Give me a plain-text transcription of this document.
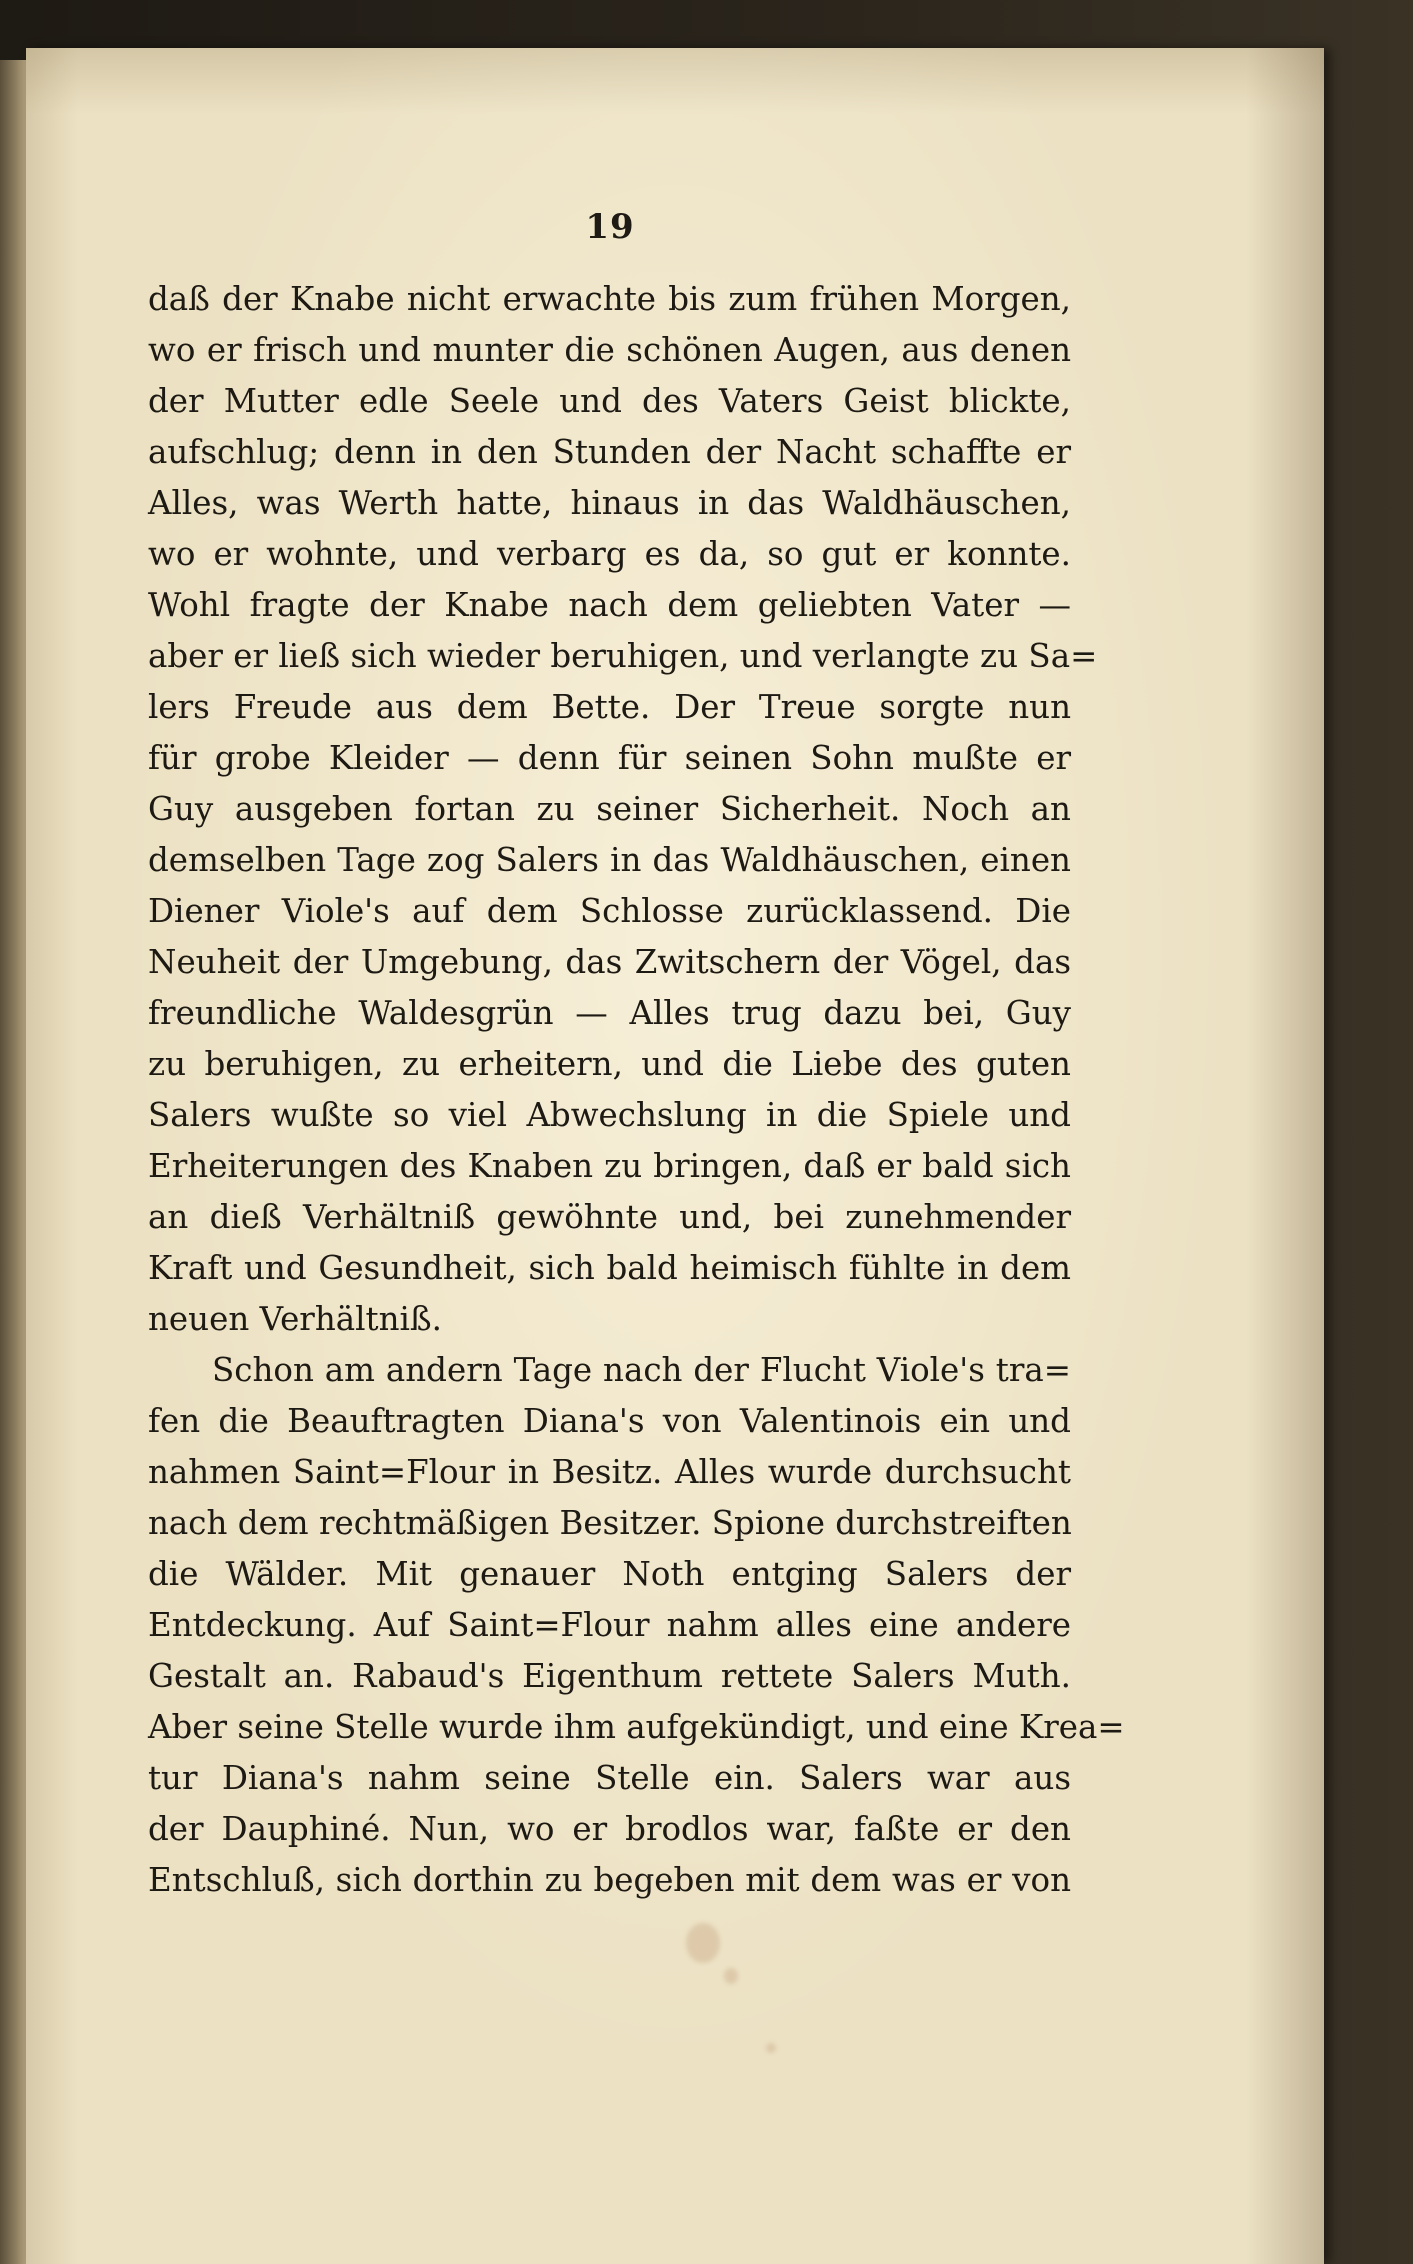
19
daß der Knabe nicht erwachte bis zum frühen Morgen,
wo er frisch und munter die schönen Augen, aus denen
der Mutter edle Seele und des Vaters Geist blickte,
aufschlug; denn in den Stunden der Nacht schaffte er
Alles, was Werth hatte, hinaus in das Waldhäuschen,
wo er wohnte, und verbarg es da, so gut er konnte.
Wohl fragte der Knabe nach dem geliebten Vater —
aber er ließ sich wieder beruhigen, und verlangte zu Sa=
lers Freude aus dem Bette. Der Treue sorgte nun
für grobe Kleider — denn für seinen Sohn mußte er
Guy ausgeben fortan zu seiner Sicherheit. Noch an
demselben Tage zog Salers in das Waldhäuschen, einen
Diener Viole's auf dem Schlosse zurücklassend. Die
Neuheit der Umgebung, das Zwitschern der Vögel, das
freundliche Waldesgrün — Alles trug dazu bei, Guy
zu beruhigen, zu erheitern, und die Liebe des guten
Salers wußte so viel Abwechslung in die Spiele und
Erheiterungen des Knaben zu bringen, daß er bald sich
an dieß Verhältniß gewöhnte und, bei zunehmender
Kraft und Gesundheit, sich bald heimisch fühlte in dem
neuen Verhältniß.
Schon am andern Tage nach der Flucht Viole's tra=
fen die Beauftragten Diana's von Valentinois ein und
nahmen Saint=Flour in Besitz. Alles wurde durchsucht
nach dem rechtmäßigen Besitzer. Spione durchstreiften
die Wälder. Mit genauer Noth entging Salers der
Entdeckung. Auf Saint=Flour nahm alles eine andere
Gestalt an. Rabaud's Eigenthum rettete Salers Muth.
Aber seine Stelle wurde ihm aufgekündigt, und eine Krea=
tur Diana's nahm seine Stelle ein. Salers war aus
der Dauphiné. Nun, wo er brodlos war, faßte er den
Entschluß, sich dorthin zu begeben mit dem was er von
